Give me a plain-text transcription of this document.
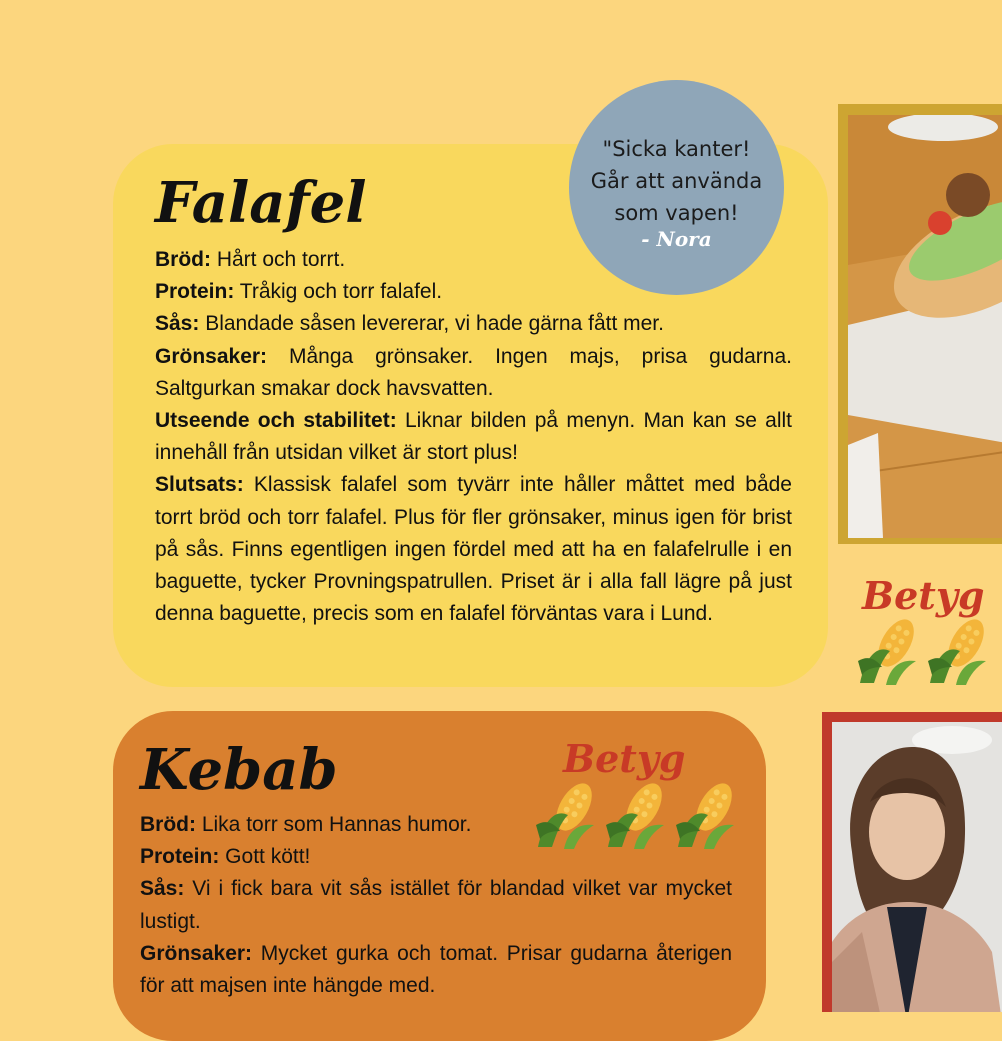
Falafel

Bröd: Hårt och torrt.

Protein: Tråkig och torr falafel.

Sås: Blandade såsen levererar, vi hade gärna fått mer.

Grönsaker: Många grönsaker. Ingen majs, prisa gudarna. Saltgurkan smakar dock havsvatten.

Utseende och stabilitet: Liknar bilden på menyn. Man kan se allt innehåll från utsidan vilket är stort plus!

Slutsats: Klassisk falafel som tyvärr inte håller måttet med både torrt bröd och torr falafel. Plus för fler grönsaker, minus igen för brist på sås. Finns egentligen ingen fördel med att ha en falafelrulle i en baguette, tycker Provningspatrullen. Priset är i alla fall lägre på just denna baguette, precis som en falafel förväntas vara i Lund.

"Sicka kanter! Går att använda som vapen!
- Nora
Betyg
Kebab	Betyg

Bröd: Lika torr som Hannas humor.

Protein: Gott kött!

Sås: Vi i fick bara vit sås istället för blandad vilket var mycket lustigt.

Grönsaker: Mycket gurka och tomat. Prisar gudarna återigen för att majsen inte hängde med.
